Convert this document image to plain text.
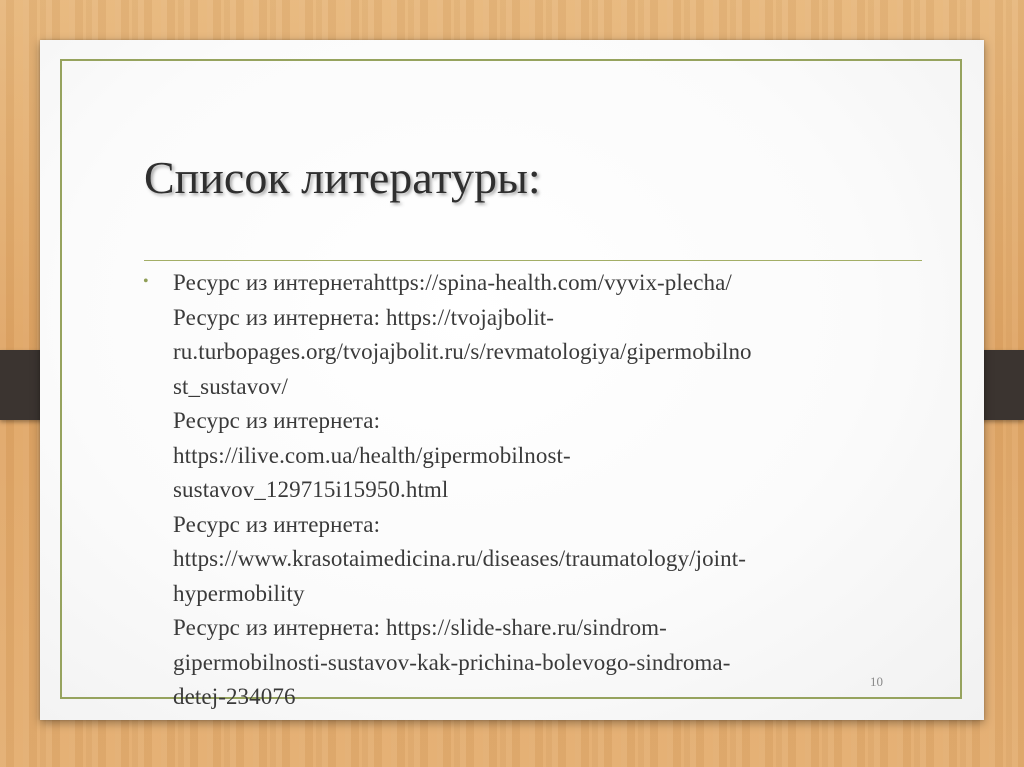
Список литературы:
• Ресурс из интернетаhttps://spina-health.com/vyvix-plecha/
Ресурс из интернета: https://tvojajbolit-
ru.turbopages.org/tvojajbolit.ru/s/revmatologiya/gipermobilno
st_sustavov/
Ресурс из интернета:
https://ilive.com.ua/health/gipermobilnost-
sustavov_129715i15950.html
Ресурс из интернета:
https://www.krasotaimedicina.ru/diseases/traumatology/joint-
hypermobility
Ресурс из интернета: https://slide-share.ru/sindrom-
gipermobilnosti-sustavov-kak-prichina-bolevogo-sindroma-
detej-234076
10
